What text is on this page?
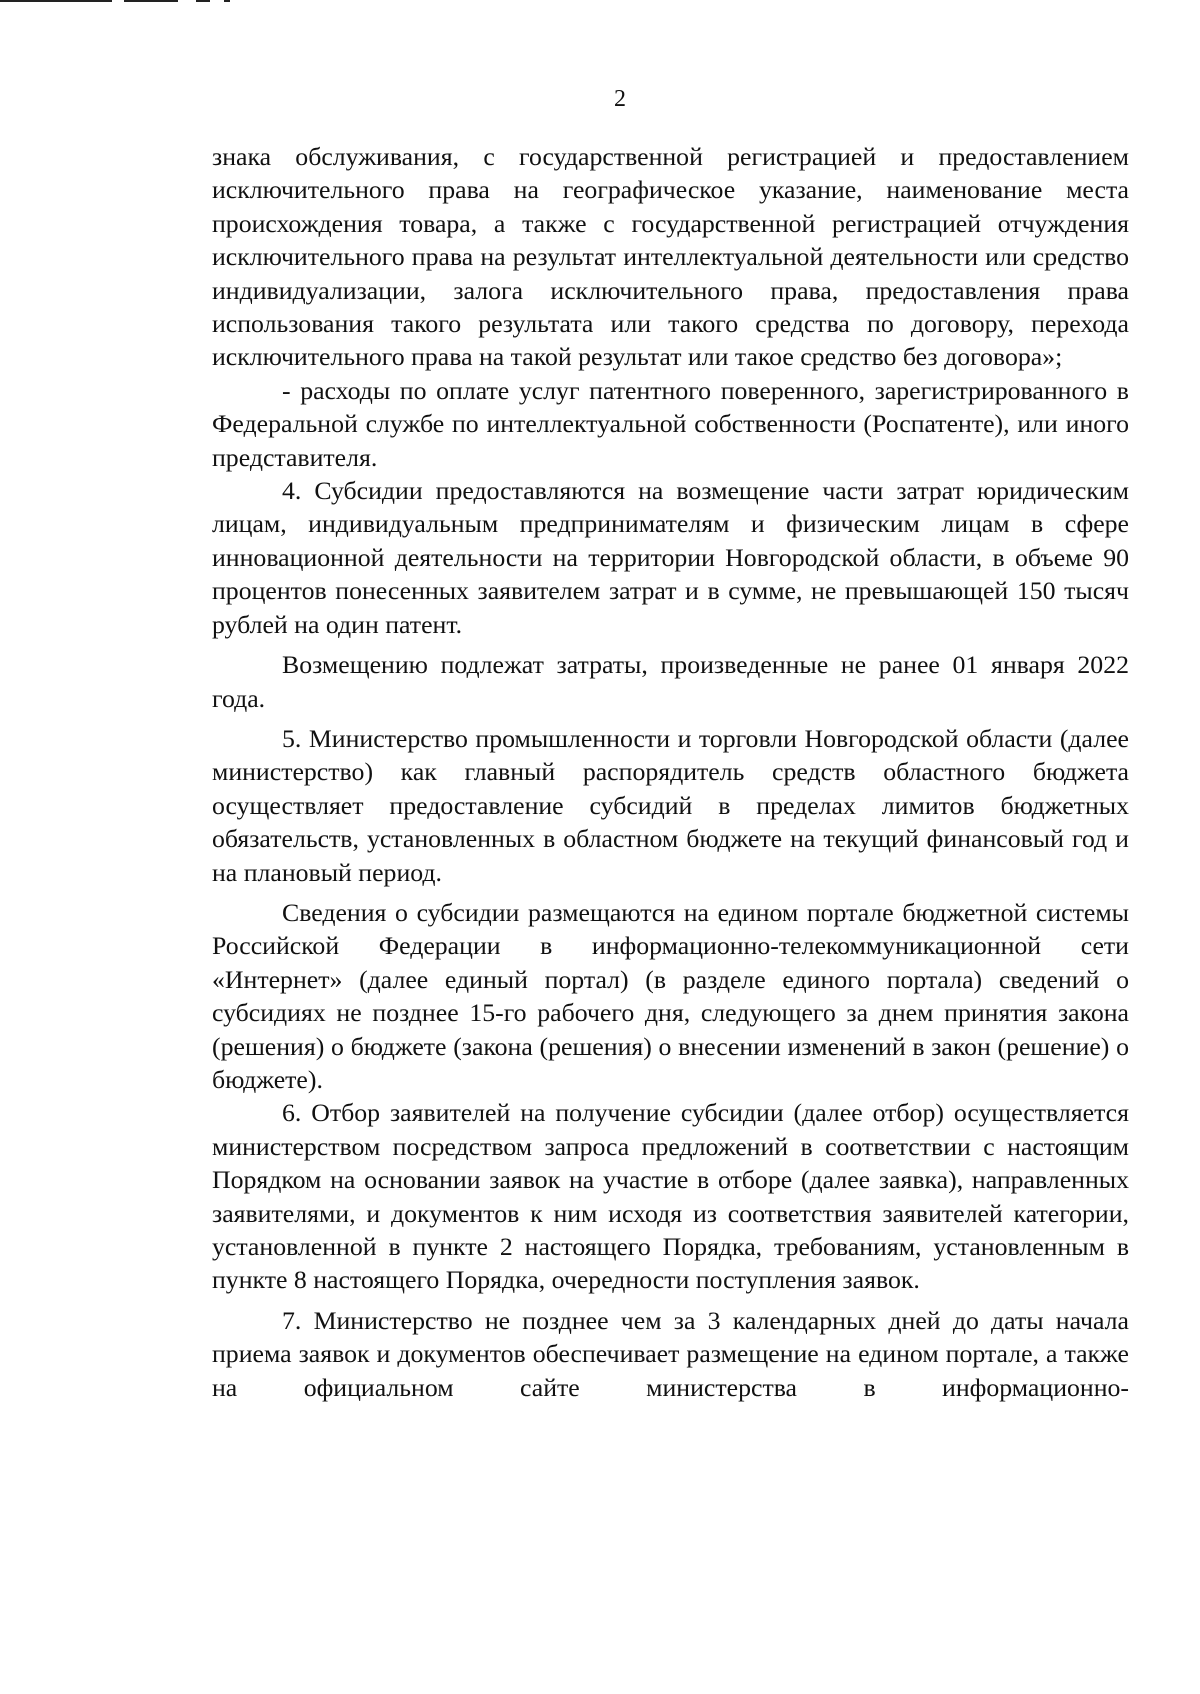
2

знака обслуживания, с государственной регистрацией и предоставлением исключительного права на географическое указание, наименование места происхождения товара, а также с государственной регистрацией отчуждения исключительного права на результат интеллектуальной деятельности или средство индивидуализации, залога исключительного права, предоставления права использования такого результата или такого средства по договору, перехода исключительного права на такой результат или такое средство без договора»;

- расходы по оплате услуг патентного поверенного, зарегистрированного в Федеральной службе по интеллектуальной собственности (Роспатенте), или иного представителя.

4. Субсидии предоставляются на возмещение части затрат юридическим лицам, индивидуальным предпринимателям и физическим лицам в сфере инновационной деятельности на территории Новгородской области, в объеме 90 процентов понесенных заявителем затрат и в сумме, не превышающей 150 тысяч рублей на один патент.

Возмещению подлежат затраты, произведенные не ранее 01 января 2022 года.

5. Министерство промышленности и торговли Новгородской области (далее министерство) как главный распорядитель средств областного бюджета осуществляет предоставление субсидий в пределах лимитов бюджетных обязательств, установленных в областном бюджете на текущий финансовый год и на плановый период.

Сведения о субсидии размещаются на едином портале бюджетной системы Российской Федерации в информационно-телекоммуникационной сети «Интернет» (далее единый портал) (в разделе единого портала) сведений о субсидиях не позднее 15-го рабочего дня, следующего за днем принятия закона (решения) о бюджете (закона (решения) о внесении изменений в закон (решение) о бюджете).

6. Отбор заявителей на получение субсидии (далее отбор) осуществляется министерством посредством запроса предложений в соответствии с настоящим Порядком на основании заявок на участие в отборе (далее заявка), направленных заявителями, и документов к ним исходя из соответствия заявителей категории, установленной в пункте 2 настоящего Порядка, требованиям, установленным в пункте 8 настоящего Порядка, очередности поступления заявок.

7. Министерство не позднее чем за 3 календарных дней до даты начала приема заявок и документов обеспечивает размещение на едином портале, а также на официальном сайте министерства в информационно-
